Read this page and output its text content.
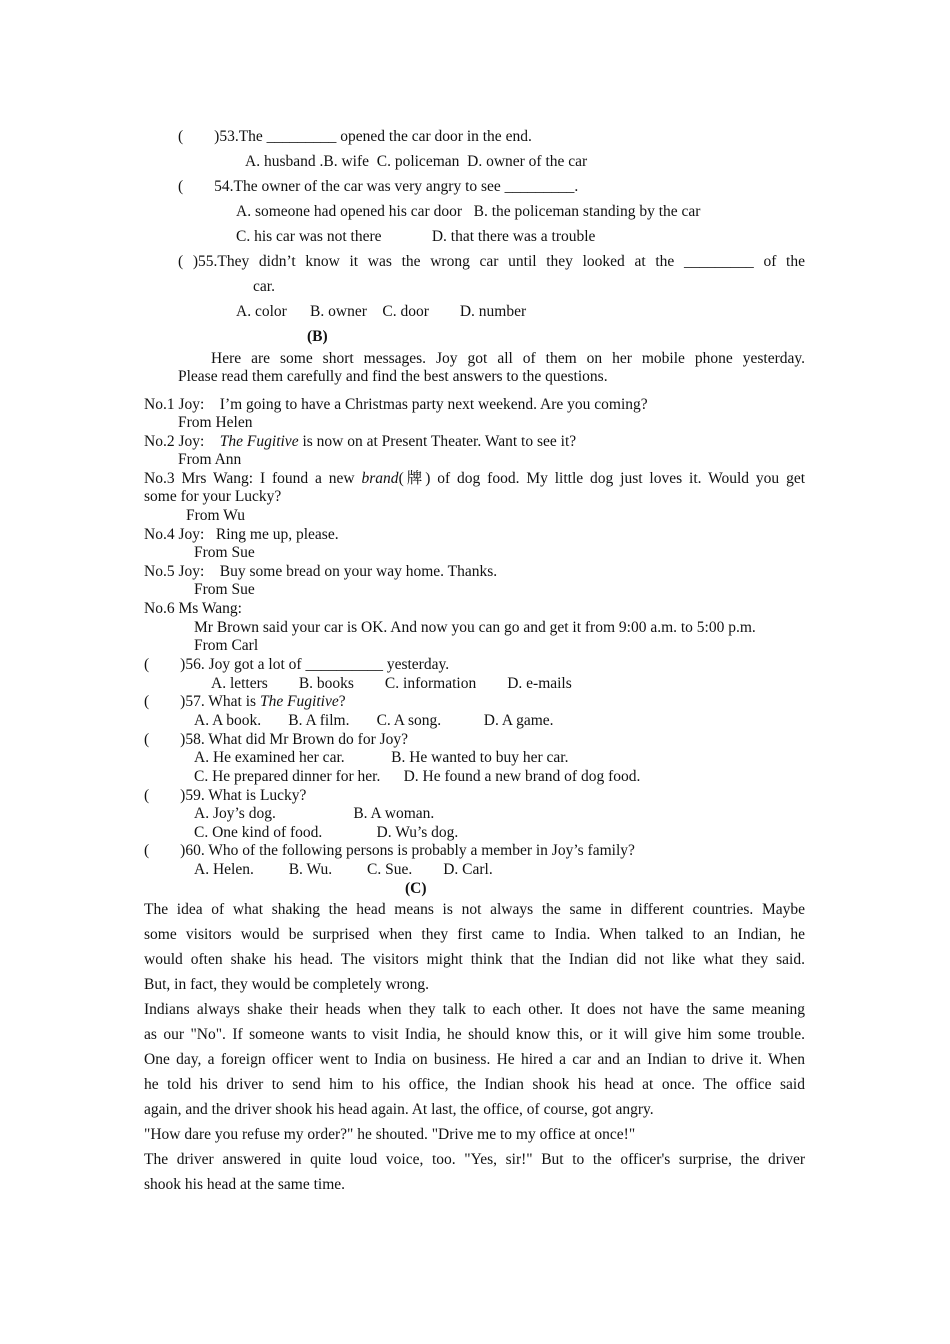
(        )53.The _________ opened the car door in the end.
A. husband .B. wife  C. policeman  D. owner of the car
(        54.The owner of the car was very angry to see _________.
A. someone had opened his car door   B. the policeman standing by the car
C. his car was not there             D. that there was a trouble
( )55.They didn’t know it was the wrong car until they looked at the _________ of the
car.
A. color      B. owner    C. door        D. number
(B)
Here are some short messages. Joy got all of them on her mobile phone yesterday.
Please read them carefully and find the best answers to the questions.
No.1 Joy:    I’m going to have a Christmas party next weekend. Are you coming?
From Helen
No.2 Joy:    The Fugitive is now on at Present Theater. Want to see it?
From Ann
No.3 Mrs Wang: I found a new brand(牌) of dog food. My little dog just loves it. Would you get
some for your Lucky?
From Wu
No.4 Joy:   Ring me up, please.
From Sue
No.5 Joy:    Buy some bread on your way home. Thanks.
From Sue
No.6 Ms Wang:
Mr Brown said your car is OK. And now you can go and get it from 9:00 a.m. to 5:00 p.m.
From Carl
(        )56. Joy got a lot of __________ yesterday.
A. letters        B. books        C. information        D. e-mails
(        )57. What is The Fugitive?
A. A book.       B. A film.       C. A song.           D. A game.
(        )58. What did Mr Brown do for Joy?
A. He examined her car.            B. He wanted to buy her car.
C. He prepared dinner for her.      D. He found a new brand of dog food.
(        )59. What is Lucky?
A. Joy’s dog.                    B. A woman.
C. One kind of food.              D. Wu’s dog.
(        )60. Who of the following persons is probably a member in Joy’s family?
A. Helen.         B. Wu.         C. Sue.        D. Carl.
(C)
The idea of what shaking the head means is not always the same in different countries. Maybe
some visitors would be surprised when they first came to India. When talked to an Indian, he
would often shake his head. The visitors might think that the Indian did not like what they said.
But, in fact, they would be completely wrong.
Indians always shake their heads when they talk to each other. It does not have the same meaning
as our "No". If someone wants to visit India, he should know this, or it will give him some trouble.
One day, a foreign officer went to India on business. He hired a car and an Indian to drive it. When
he told his driver to send him to his office, the Indian shook his head at once. The office said
again, and the driver shook his head again. At last, the office, of course, got angry.
"How dare you refuse my order?" he shouted. "Drive me to my office at once!"
The driver answered in quite loud voice, too. "Yes, sir!" But to the officer's surprise, the driver
shook his head at the same time.
